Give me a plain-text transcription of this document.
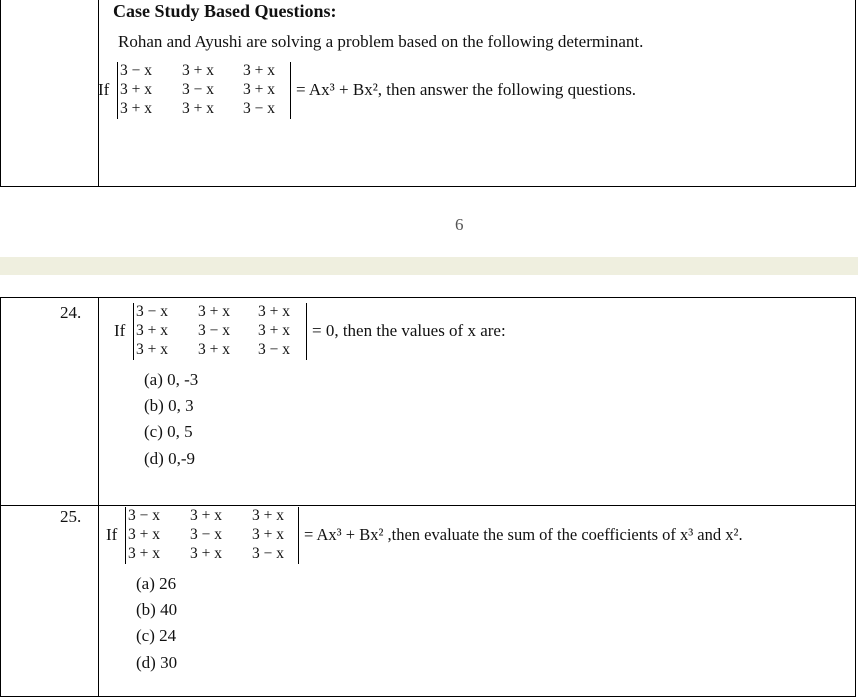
Case Study Based Questions:
Rohan and Ayushi are solving a problem based on the following determinant.
If
3 − x 3 + x 3 + x
3 + x 3 − x 3 + x
3 + x 3 + x 3 − x
= Ax³ + Bx², then answer the following questions.
6
24.
If
3 − x 3 + x 3 + x
3 + x 3 − x 3 + x
3 + x 3 + x 3 − x
= 0, then the values of x are:
(a) 0, -3
(b) 0, 3
(c) 0, 5
(d) 0,-9
25.
If
3 − x 3 + x 3 + x
3 + x 3 − x 3 + x
3 + x 3 + x 3 − x
= Ax³ + Bx² ,then evaluate the sum of the coefficients of x³ and x².
(a) 26
(b) 40
(c) 24
(d) 30
